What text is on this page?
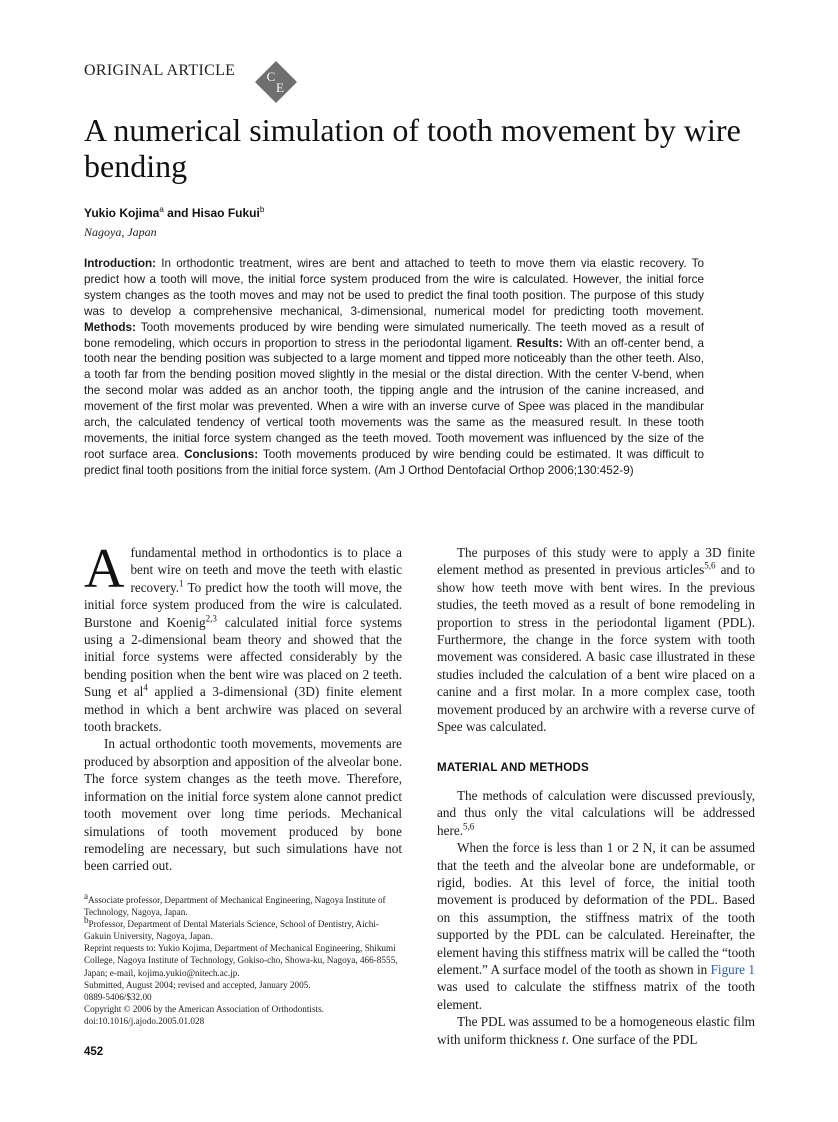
ORIGINAL ARTICLE C
E
A numerical simulation of tooth movement by wire bending
Yukio Kojima$^a$ and Hisao Fukui$^b$
Nagoya, Japan
Introduction: In orthodontic treatment, wires are bent and attached to teeth to move them via elastic recovery. To predict how a tooth will move, the initial force system produced from the wire is calculated. However, the initial force system changes as the tooth moves and may not be used to predict the final tooth position. The purpose of this study was to develop a comprehensive mechanical, 3-dimensional, numerical model for predicting tooth movement. Methods: Tooth movements produced by wire bending were simulated numerically. The teeth moved as a result of bone remodeling, which occurs in proportion to stress in the periodontal ligament. Results: With an off-center bend, a tooth near the bending position was subjected to a large moment and tipped more noticeably than the other teeth. Also, a tooth far from the bending position moved slightly in the mesial or the distal direction. With the center V-bend, when the second molar was added as an anchor tooth, the tipping angle and the intrusion of the canine increased, and movement of the first molar was prevented. When a wire with an inverse curve of Spee was placed in the mandibular arch, the calculated tendency of vertical tooth movements was the same as the measured result. In these tooth movements, the initial force system changed as the teeth moved. Tooth movement was influenced by the size of the root surface area. Conclusions: Tooth movements produced by wire bending could be estimated. It was difficult to predict final tooth positions from the initial force system. (Am J Orthod Dentofacial Orthop 2006;130:452-9)

Afundamental method in orthodontics is to place a bent wire on teeth and move the teeth with elastic recovery.$^1$ To predict how the tooth will move, the initial force system produced from the wire is calculated. Burstone and Koenig$^{2,3}$ calculated initial force systems using a 2-dimensional beam theory and showed that the initial force systems were affected considerably by the bending position when the bent wire was placed on 2 teeth. Sung et $al^4$ applied a 3-dimensional (3D) finite element method in which a bent archwire was placed on several tooth brackets.

In actual orthodontic tooth movements, movements are produced by absorption and apposition of the alveolar bone. The force system changes as the teeth move. Therefore, information on the initial force system alone cannot predict tooth movement over long time periods. Mechanical simulations of tooth movement produced by bone remodeling are necessary, but such simulations have not been carried out.

The purposes of this study were to apply a 3D finite element method as presented in previous articles$^{5,6}$ and to show how teeth move with bent wires. In the previous studies, the teeth moved as a result of bone remodeling in proportion to stress in the periodontal ligament (PDL). Furthermore, the change in the force system with tooth movement was considered. A basic case illustrated in these studies included the calculation of a bent wire placed on a canine and a first molar. In a more complex case, tooth movement produced by an archwire with a reverse curve of Spee was calculated.

MATERIAL AND METHODS

The methods of calculation were discussed previously, and thus only the vital calculations will be addressed here.$^{5,6}$

When the force is less than 1 or 2 N, it can be assumed that the teeth and the alveolar bone are undeformable, or rigid, bodies. At this level of force, the initial tooth movement is produced by deformation of the PDL. Based on this assumption, the stiffness matrix of the tooth supported by the PDL can be calculated. Hereinafter, the element having this stiffness matrix will be called the “tooth element.” A surface model of the tooth as shown in Figure 1 was used to calculate the stiffness matrix of the tooth element.

The PDL was assumed to be a homogeneous elastic film with uniform thickness t. One surface of the PDL

$^a$Associate professor, Department of Mechanical Engineering, Nagoya Institute of Technology, Nagoya, Japan.

$^b$Professor, Department of Dental Materials Science, School of Dentistry, Aichi-Gakuin University, Nagoya, Japan.

Reprint requests to: Yukio Kojima, Department of Mechanical Engineering, Shikumi College, Nagoya Institute of Technology, Gokiso-cho, Showa-ku, Nagoya, 466-8555, Japan; e-mail, kojima.yukio@nitech.ac.jp.

Submitted, August 2004; revised and accepted, January 2005.

0889-5406/$32.00

Copyright © 2006 by the American Association of Orthodontists.

doi:10.1016/j.ajodo.2005.01.028

452
